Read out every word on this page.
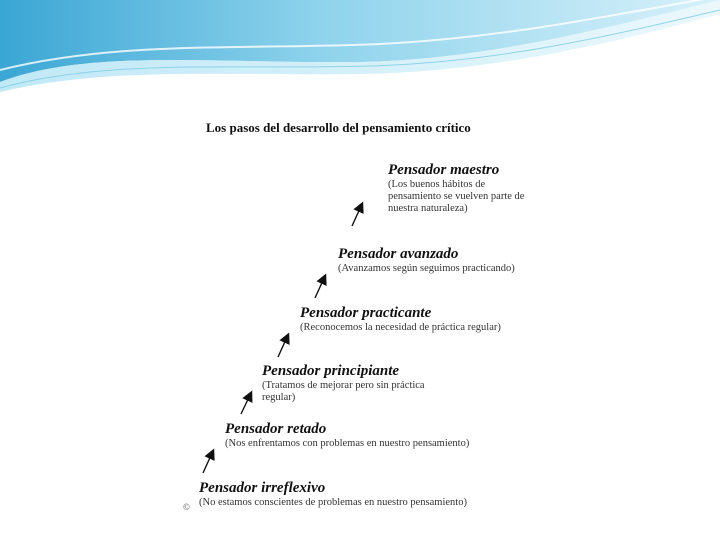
Los pasos del desarrollo del pensamiento crítico
Pensador maestro
(Los buenos hábitos de pensamiento se vuelven parte de nuestra naturaleza)
Pensador avanzado
(Avanzamos según seguimos practicando)
Pensador practicante
(Reconocemos la necesidad de práctica regular)
Pensador principiante
(Tratamos de mejorar pero sin práctica regular)
Pensador retado
(Nos enfrentamos con problemas en nuestro pensamiento)
Pensador irreflexivo
(No estamos conscientes de problemas en nuestro pensamiento)
©
